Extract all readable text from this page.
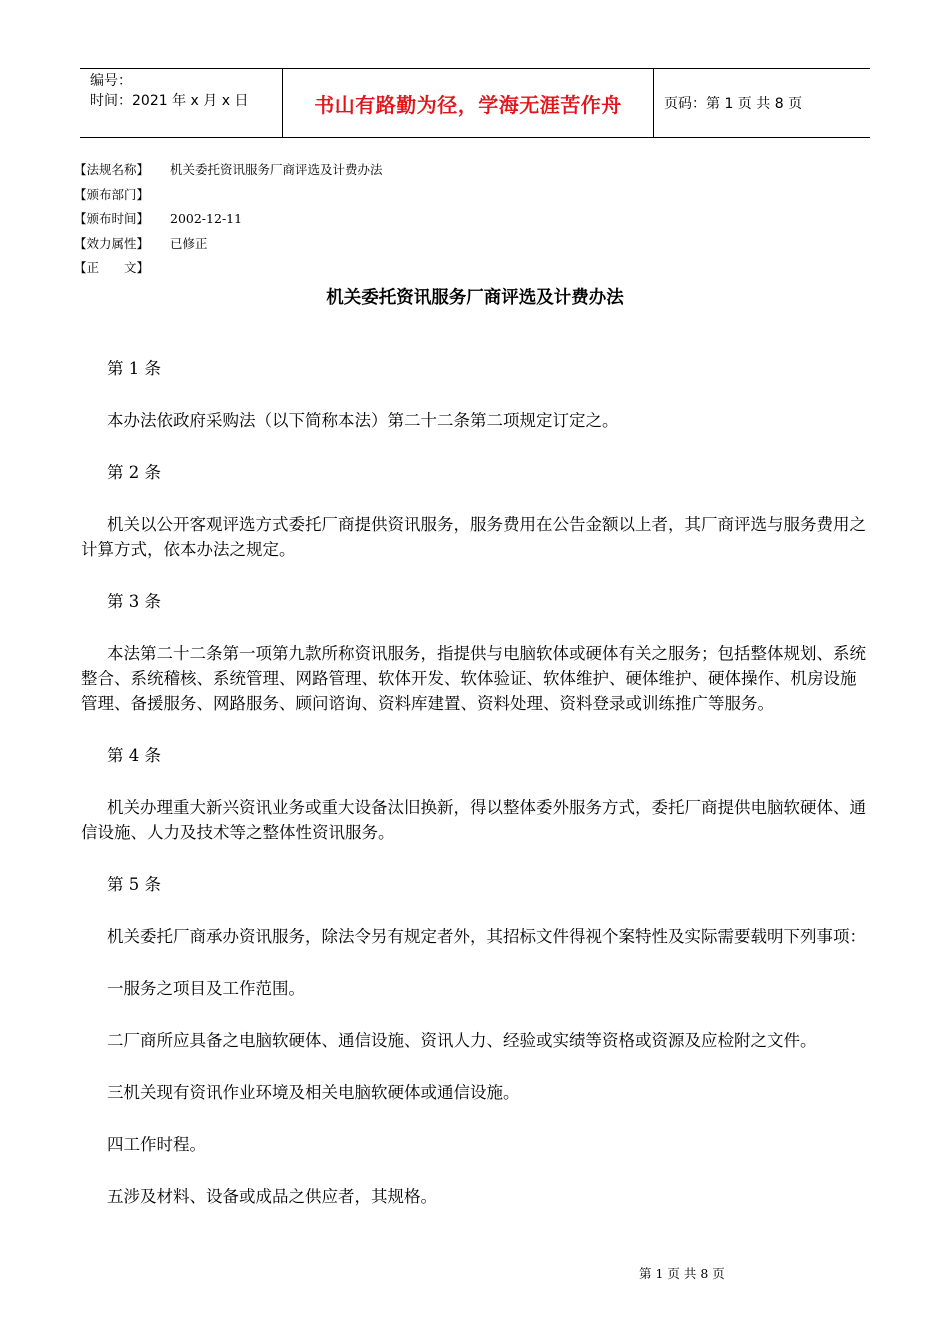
编号：
时间：2021 年 x 月 x 日	书山有路勤为径，学海无涯苦作舟	页码：第 1 页 共 8 页
【法规名称】	机关委托资讯服务厂商评选及计费办法
【颁布部门】
【颁布时间】	2002-12-11
【效力属性】	已修正
【正　　文】
机关委托资讯服务厂商评选及计费办法

第 1 条

本办法依政府采购法（以下简称本法）第二十二条第二项规定订定之。

第 2 条

机关以公开客观评选方式委托厂商提供资讯服务，服务费用在公告金额以上者，其厂商评选与服务费用之计算方式，依本办法之规定。

第 3 条

本法第二十二条第一项第九款所称资讯服务，指提供与电脑软体或硬体有关之服务；包括整体规划、系统整合、系统稽核、系统管理、网路管理、软体开发、软体验证、软体维护、硬体维护、硬体操作、机房设施管理、备援服务、网路服务、顾问谘询、资料库建置、资料处理、资料登录或训练推广等服务。

第 4 条

机关办理重大新兴资讯业务或重大设备汰旧换新，得以整体委外服务方式，委托厂商提供电脑软硬体、通信设施、人力及技术等之整体性资讯服务。

第 5 条

机关委托厂商承办资讯服务，除法令另有规定者外，其招标文件得视个案特性及实际需要载明下列事项：

一服务之项目及工作范围。

二厂商所应具备之电脑软硬体、通信设施、资讯人力、经验或实绩等资格或资源及应检附之文件。

三机关现有资讯作业环境及相关电脑软硬体或通信设施。

四工作时程。

五涉及材料、设备或成品之供应者，其规格。

第 1 页 共 8 页
